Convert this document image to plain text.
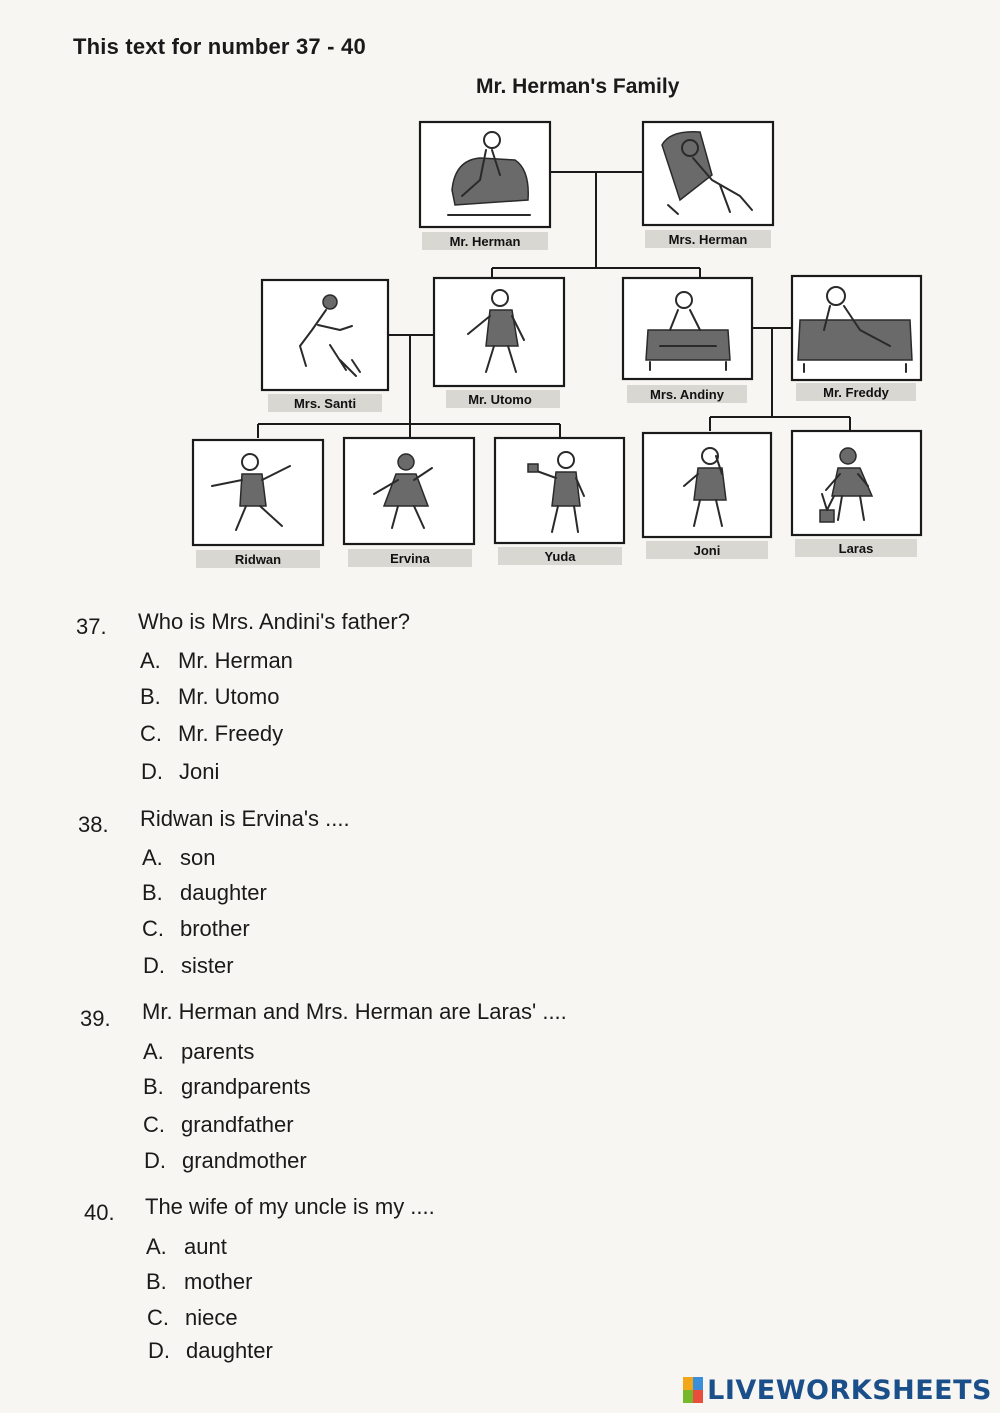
This text for number 37 - 40
Mr. Herman's Family
Mr. Herman	Mrs. Herman
Mrs. Santi	Mr. Utomo	Mrs. Andiny	Mr. Freddy
Ridwan	Ervina	Yuda	Joni	Laras
37. Who is Mrs. Andini's father?
A. Mr. Herman
B. Mr. Utomo
C. Mr. Freedy
D. Joni
38. Ridwan is Ervina's ....
A. son
B. daughter
C. brother
D. sister
39. Mr. Herman and Mrs. Herman are Laras' ....
A. parents
B. grandparents
C. grandfather
D. grandmother
40. The wife of my uncle is my ....
A. aunt
B. mother
C. niece
D. daughter
LIVEWORKSHEETS
